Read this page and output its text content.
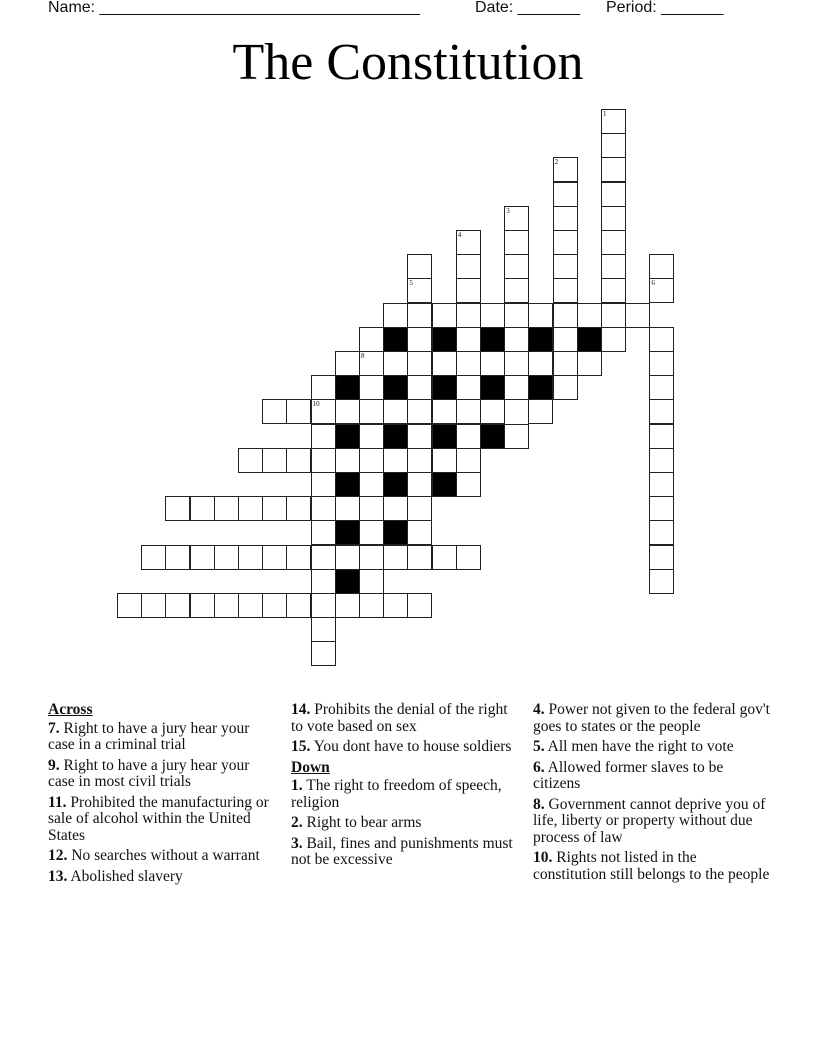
Name: ____________________________________	Date: _______ Period: _______
The Constitution
1
2
3
4
5	6
7
8
9
10
Across
7. Right to have a jury hear your case in a criminal trial
9. Right to have a jury hear your case in most civil trials
11. Prohibited the manufacturing or sale of alcohol within the United States
12. No searches without a warrant
13. Abolished slavery
14. Prohibits the denial of the right to vote based on sex
15. You dont have to house soldiers
Down
1. The right to freedom of speech, religion
2. Right to bear arms
3. Bail, fines and punishments must not be excessive
4. Power not given to the federal gov't goes to states or the people
5. All men have the right to vote
6. Allowed former slaves to be citizens
8. Government cannot deprive you of life, liberty or property without due process of law
10. Rights not listed in the constitution still belongs to the people
